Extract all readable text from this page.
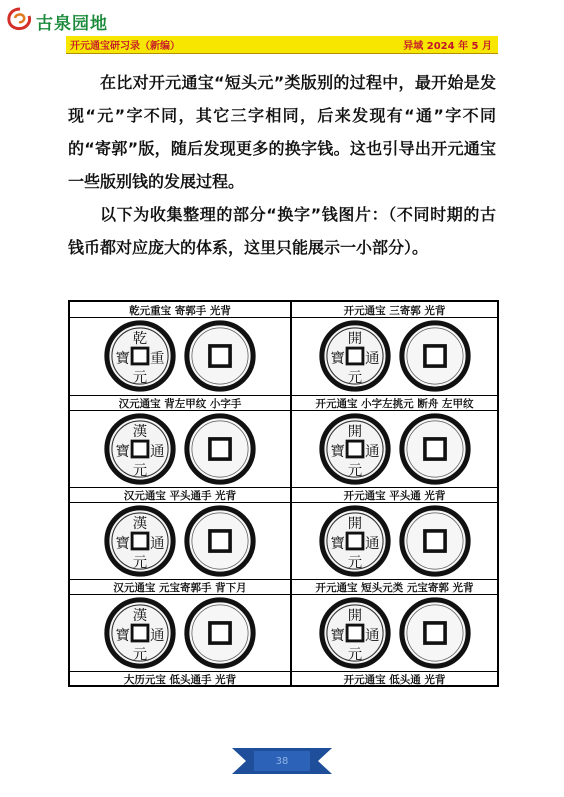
古泉园地
开元通宝研习录（新编）	异域 2024 年 5 月

在比对开元通宝“短头元”类版别的过程中，最开始是发现“元”字不同，其它三字相同，后来发现有“通”字不同的“寄郭”版，随后发现更多的换字钱。这也引导出开元通宝一些版别钱的发展过程。

以下为收集整理的部分“换字”钱图片：（不同时期的古钱币都对应庞大的体系，这里只能展示一小部分）。

乾元重宝 寄郭手 光背
乾
重
元
寶
开元通宝 三寄郭 光背
開
通
元
寶
汉元通宝 背左甲纹 小字手
漢
通
元
寶
开元通宝 小字左挑元 断舟 左甲纹
開
通
元
寶
汉元通宝 平头通手 光背
漢
通
元
寶
开元通宝 平头通 光背
開
通
元
寶
汉元通宝 元宝寄郭手 背下月
漢
通
元
寶
开元通宝 短头元类 元宝寄郭 光背
開
通
元
寶
大历元宝 低头通手 光背	开元通宝 低头通 光背
38
